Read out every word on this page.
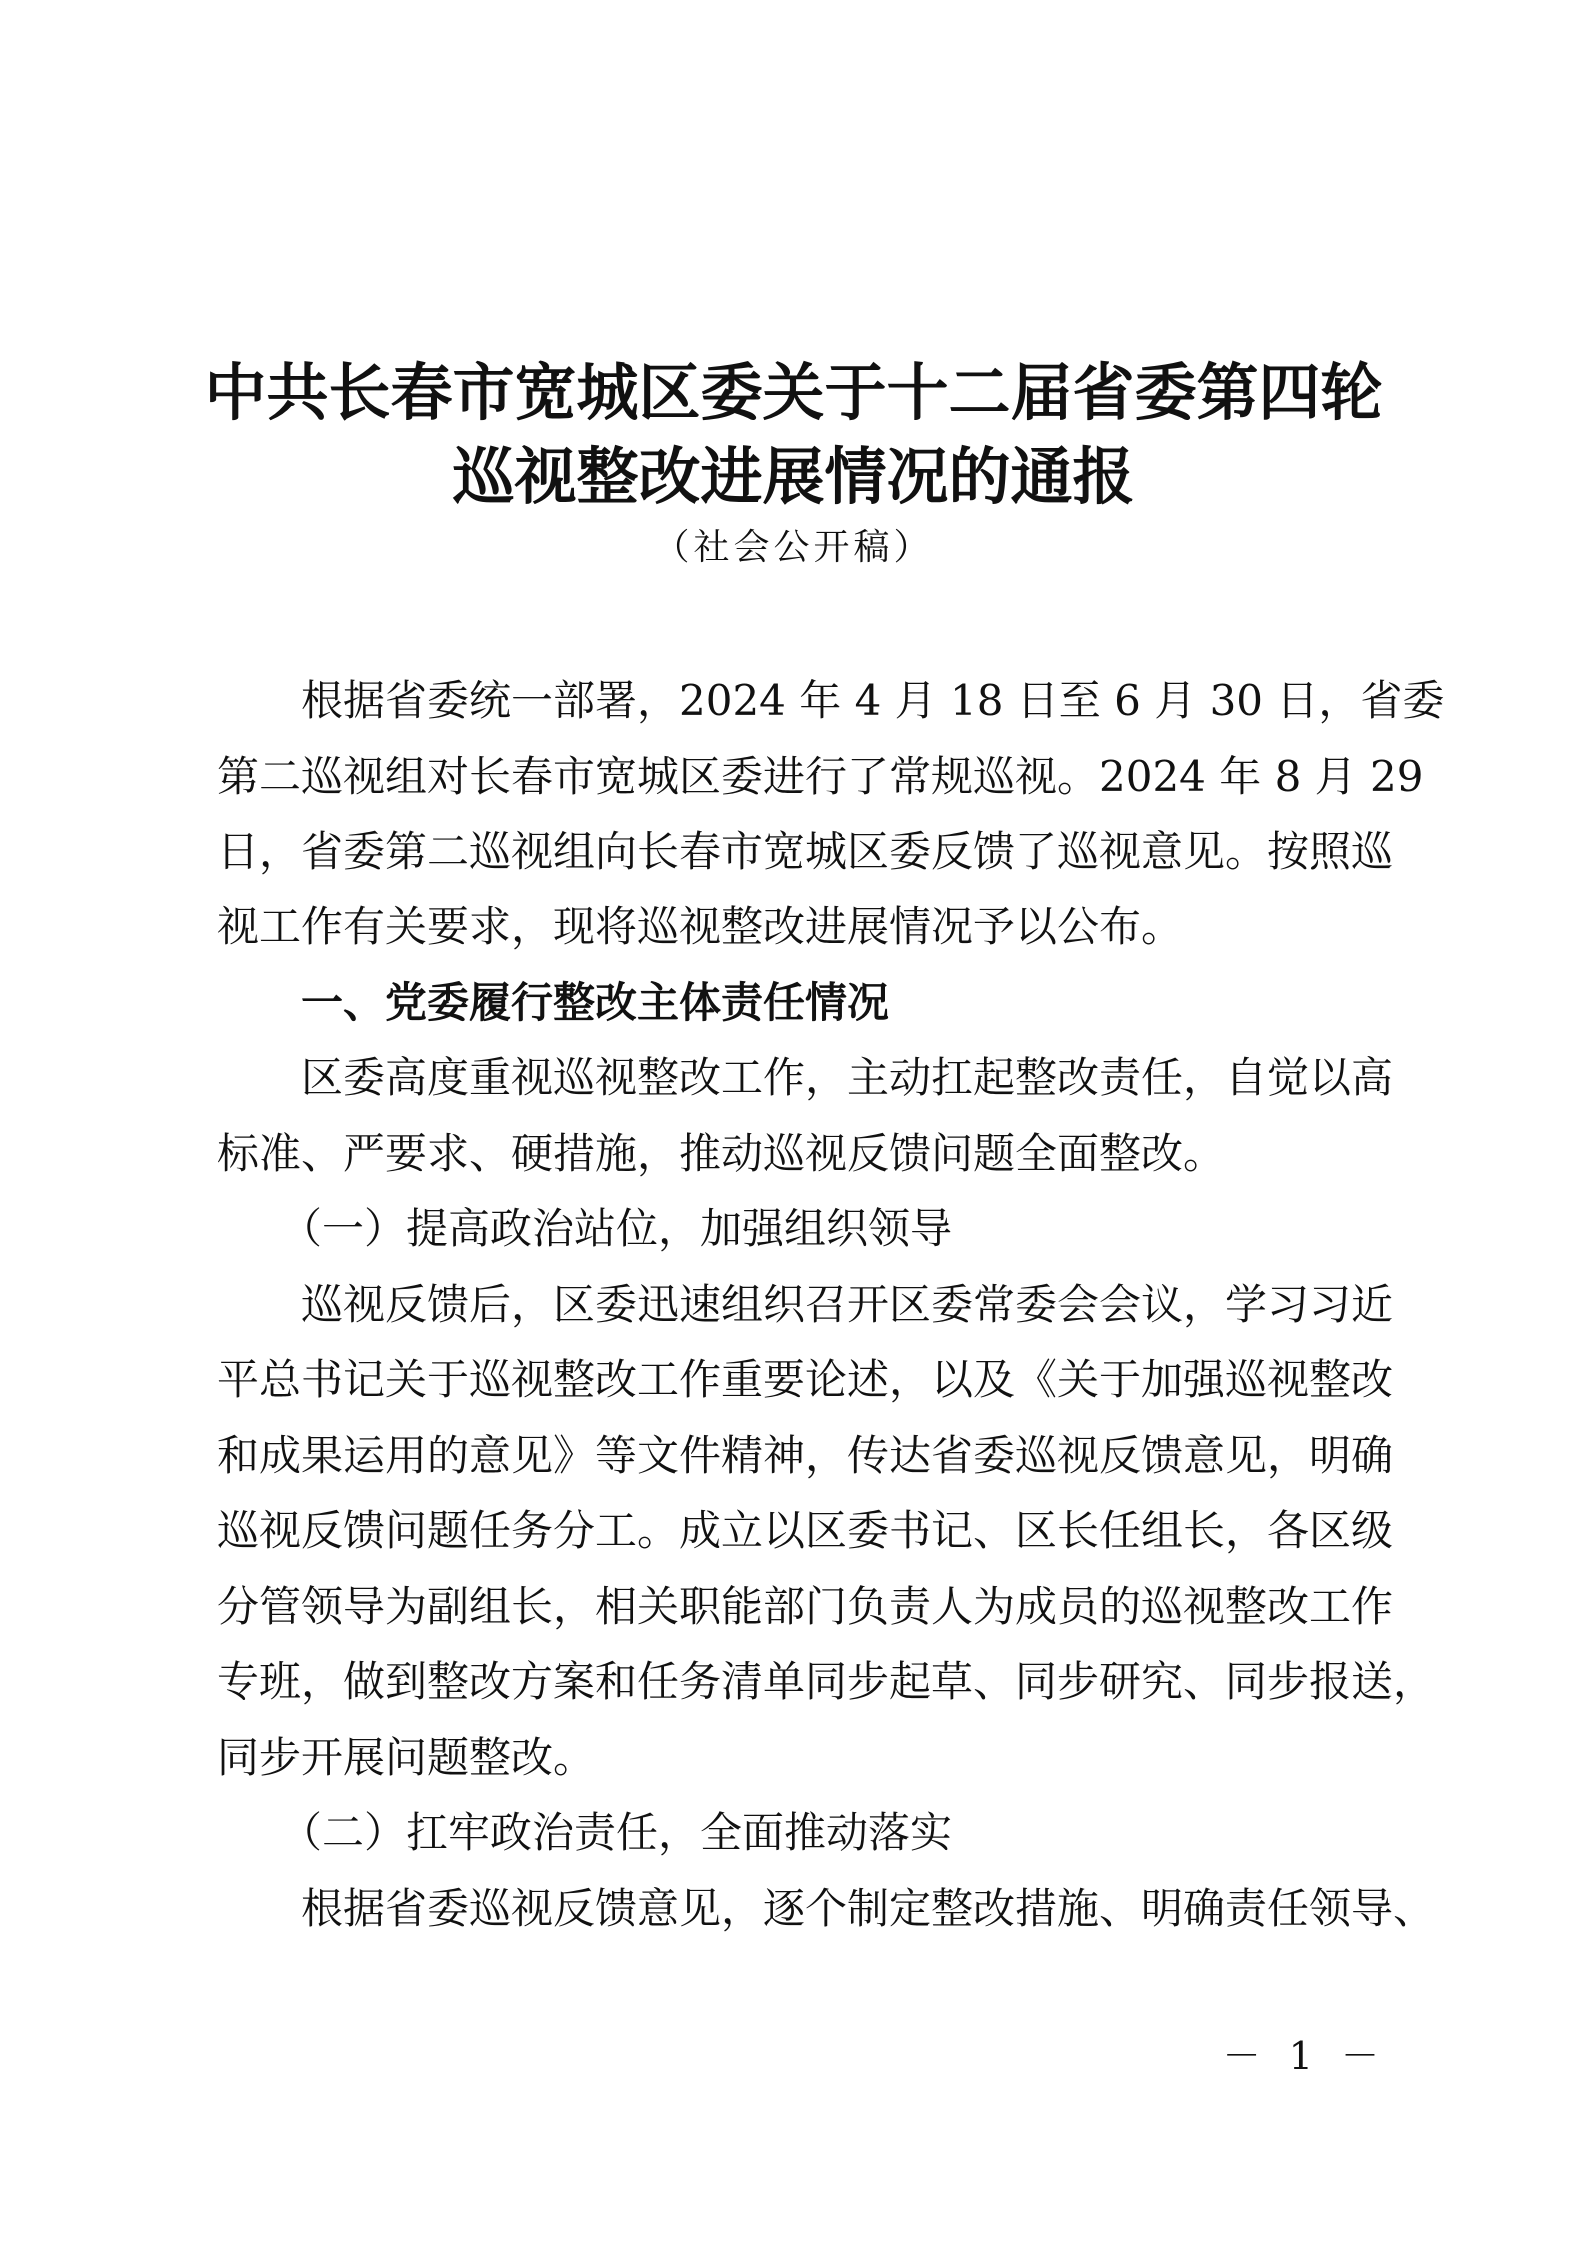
中共长春市宽城区委关于十二届省委第四轮
巡视整改进展情况的通报
（社会公开稿）
　　根据省委统一部署，2024 年 4 月 18 日至 6 月 30 日，省委
第二巡视组对长春市宽城区委进行了常规巡视。2024 年 8 月 29
日，省委第二巡视组向长春市宽城区委反馈了巡视意见。按照巡
视工作有关要求，现将巡视整改进展情况予以公布。
　　一、党委履行整改主体责任情况
　　区委高度重视巡视整改工作，主动扛起整改责任，自觉以高
标准、严要求、硬措施，推动巡视反馈问题全面整改。
　　（一）提高政治站位，加强组织领导
　　巡视反馈后，区委迅速组织召开区委常委会会议，学习习近
平总书记关于巡视整改工作重要论述，以及《关于加强巡视整改
和成果运用的意见》等文件精神，传达省委巡视反馈意见，明确
巡视反馈问题任务分工。成立以区委书记、区长任组长，各区级
分管领导为副组长，相关职能部门负责人为成员的巡视整改工作
专班，做到整改方案和任务清单同步起草、同步研究、同步报送，
同步开展问题整改。
　　（二）扛牢政治责任，全面推动落实
　　根据省委巡视反馈意见，逐个制定整改措施、明确责任领导、
－ 1 －
